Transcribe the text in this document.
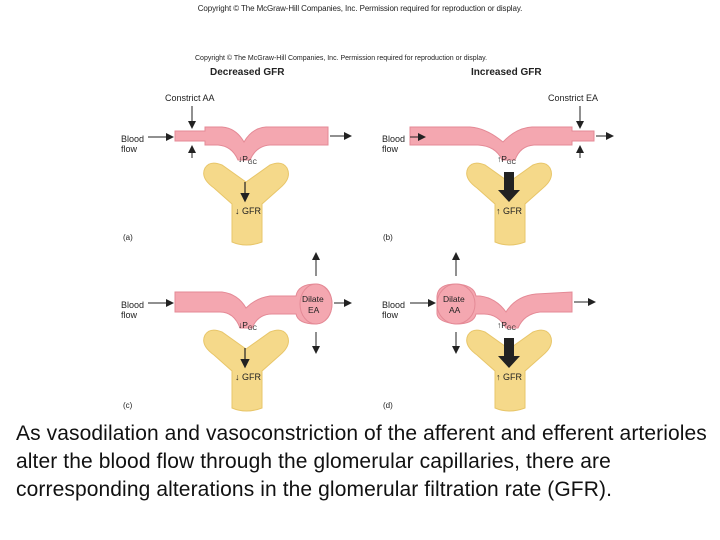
Copyright © The McGraw-Hill Companies, Inc. Permission required for reproduction or display.
Copyright © The McGraw-Hill Companies, Inc. Permission required for reproduction or display.
Decreased GFR	Increased GFR
Constrict AA
Blood
flow
$↓P_{GC}$
↓ GFR
(a)
Constrict EA
Blood
flow
$↑P_{GC}$
↑ GFR
(b)
Dilate
EA
Blood
flow
$↓P_{GC}$
↓ GFR
(c)
Dilate
AA
Blood
flow
$↑P_{GC}$
↑ GFR
(d)
As vasodilation and vasoconstriction of the afferent and efferent arterioles alter the blood flow through the glomerular capillaries, there are corresponding alterations in the glomerular filtration rate (GFR).
